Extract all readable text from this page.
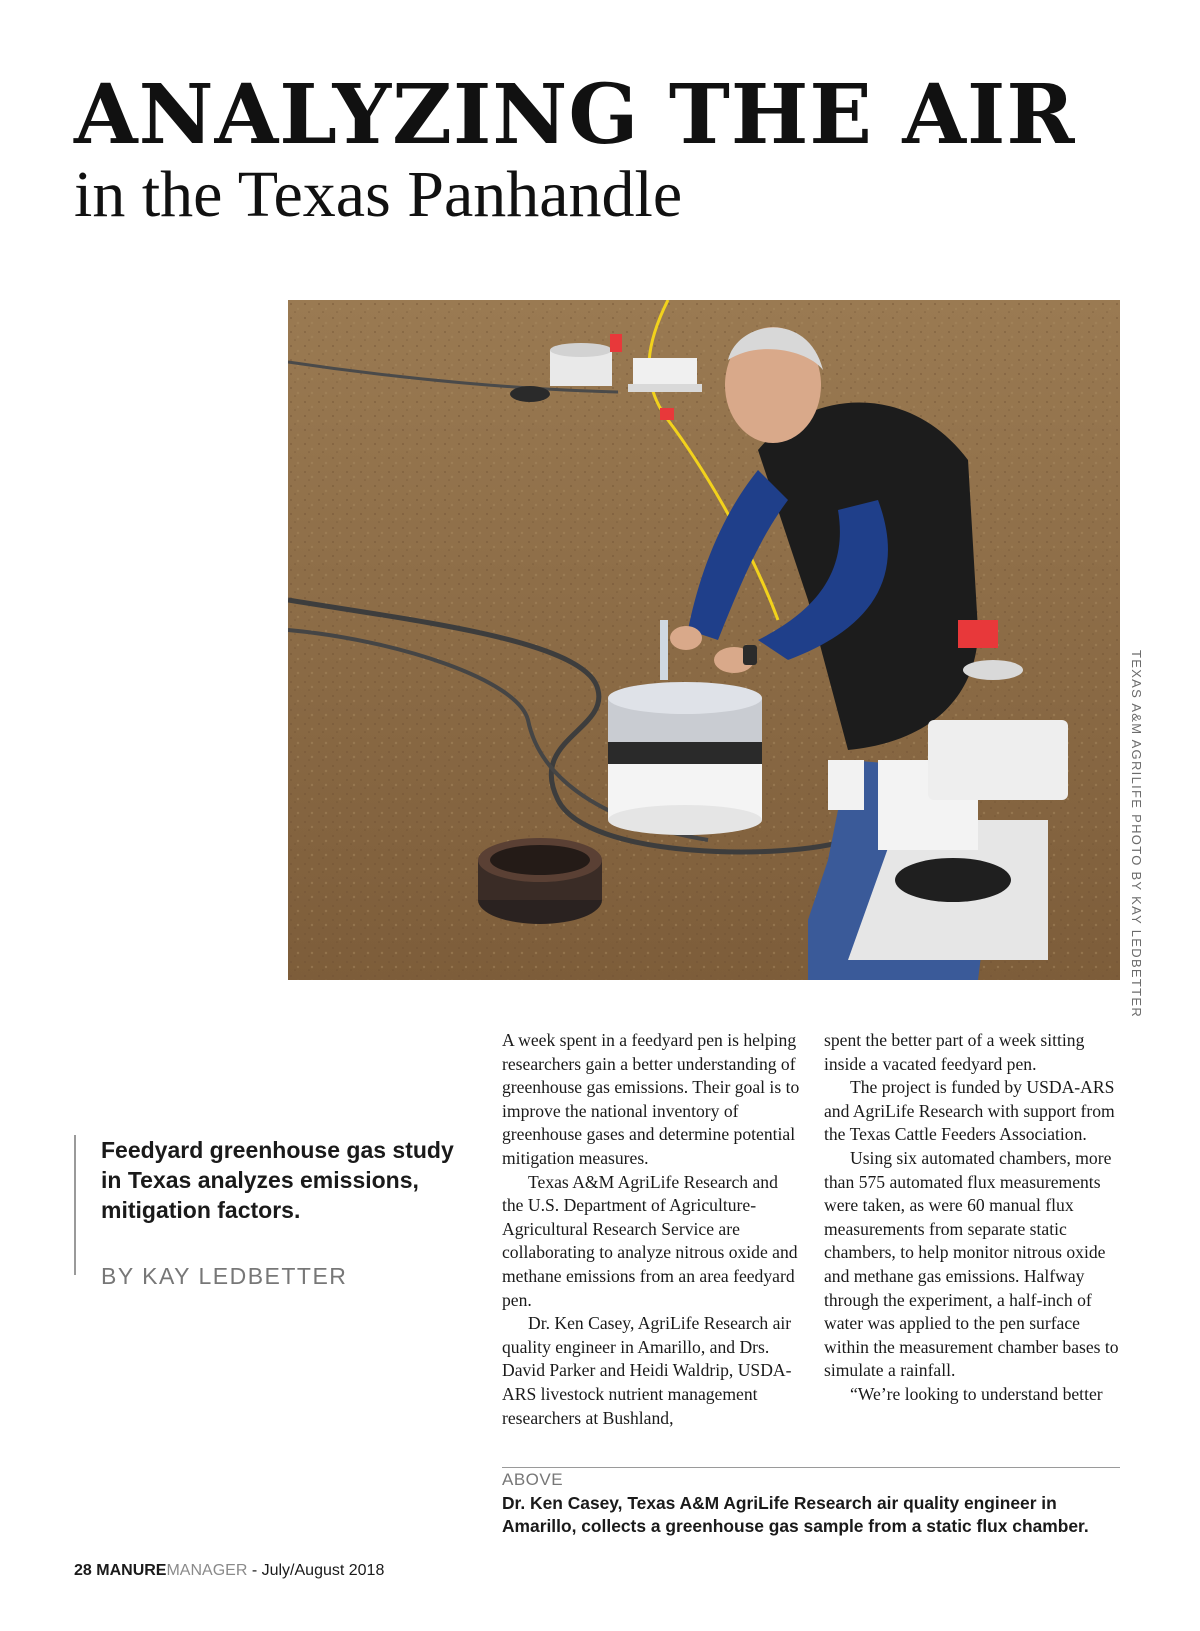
ANALYZING THE AIR
in the Texas Panhandle
TEXAS A&M AGRILIFE PHOTO BY KAY LEDBETTER

Feedyard greenhouse gas study in Texas analyzes emissions, mitigation factors.

BY KAY LEDBETTER

A week spent in a feedyard pen is helping researchers gain a better understanding of greenhouse gas emissions. Their goal is to improve the national inventory of greenhouse gases and determine potential mitigation measures.

Texas A&M AgriLife Research and the U.S. Department of Agriculture-Agricultural Research Service are collaborating to analyze nitrous oxide and methane emissions from an area feedyard pen.

Dr. Ken Casey, AgriLife Research air quality engineer in Amarillo, and Drs. David Parker and Heidi Waldrip, USDA-ARS livestock nutrient management researchers at Bushland,

spent the better part of a week sitting inside a vacated feedyard pen.

The project is funded by USDA-ARS and AgriLife Research with support from the Texas Cattle Feeders Association.

Using six automated chambers, more than 575 automated flux measurements were taken, as were 60 manual flux measurements from separate static chambers, to help monitor nitrous oxide and methane gas emissions. Halfway through the experiment, a half-inch of water was applied to the pen surface within the measurement chamber bases to simulate a rainfall.

“We’re looking to understand better

ABOVE
Dr. Ken Casey, Texas A&M AgriLife Research air quality engineer in Amarillo, collects a greenhouse gas sample from a static flux chamber.
28 MANUREMANAGER - July/August 2018
